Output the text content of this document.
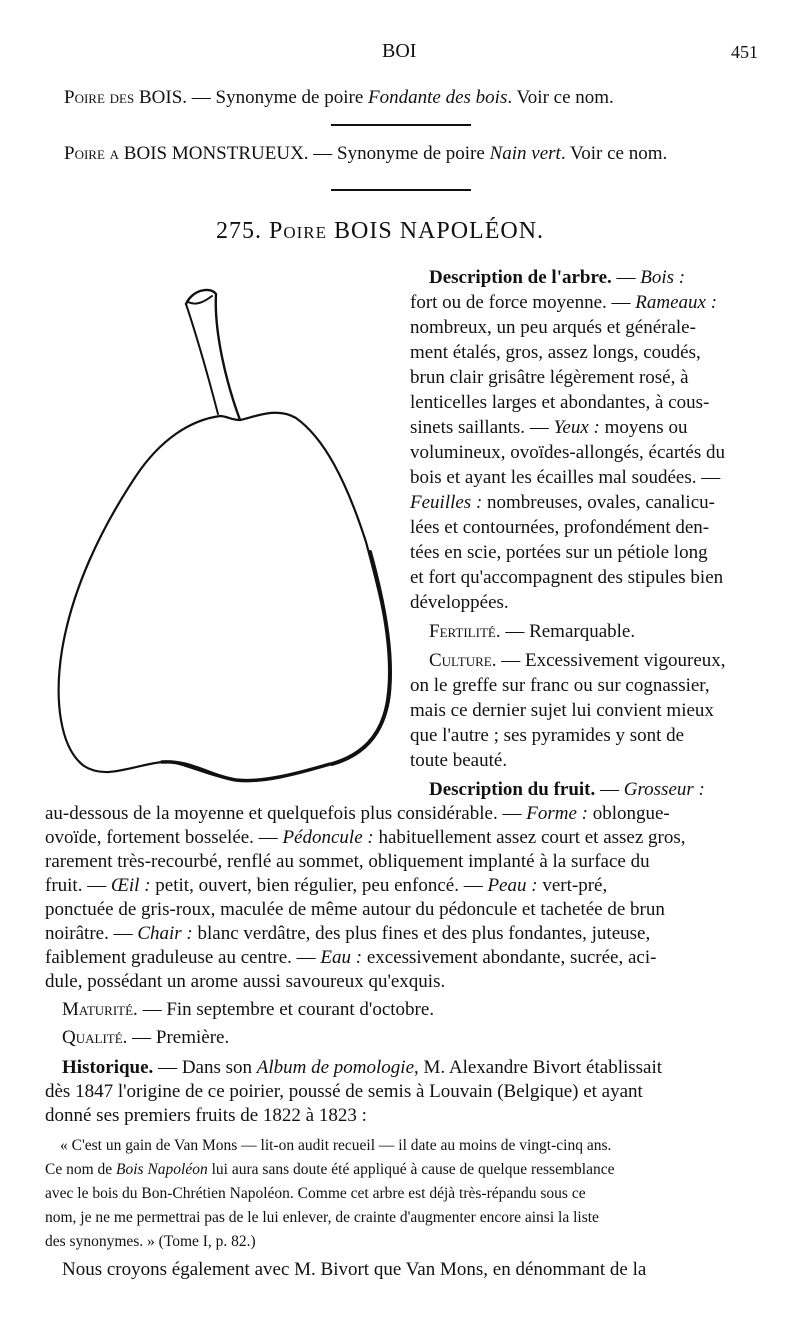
BOI	451
Poire des BOIS. — Synonyme de poire Fondante des bois. Voir ce nom.
Poire a BOIS MONSTRUEUX. — Synonyme de poire Nain vert. Voir ce nom.
275. Poire BOIS NAPOLÉON.
Description de l'arbre. — Bois :
fort ou de force moyenne. — Rameaux :
nombreux, un peu arqués et générale-
ment étalés, gros, assez longs, coudés,
brun clair grisâtre légèrement rosé, à
lenticelles larges et abondantes, à cous-
sinets saillants. — Yeux : moyens ou
volumineux, ovoïdes-allongés, écartés du
bois et ayant les écailles mal soudées. —
Feuilles : nombreuses, ovales, canalicu-
lées et contournées, profondément den-
tées en scie, portées sur un pétiole long
et fort qu'accompagnent des stipules bien
développées.
Fertilité. — Remarquable.
Culture. — Excessivement vigoureux,
on le greffe sur franc ou sur cognassier,
mais ce dernier sujet lui convient mieux
que l'autre ; ses pyramides y sont de
toute beauté.
Description du fruit. — Grosseur :
au-dessous de la moyenne et quelquefois plus considérable. — Forme : oblongue-
ovoïde, fortement bosselée. — Pédoncule : habituellement assez court et assez gros,
rarement très-recourbé, renflé au sommet, obliquement implanté à la surface du
fruit. — Œil : petit, ouvert, bien régulier, peu enfoncé. — Peau : vert-pré,
ponctuée de gris-roux, maculée de même autour du pédoncule et tachetée de brun
noirâtre. — Chair : blanc verdâtre, des plus fines et des plus fondantes, juteuse,
faiblement graduleuse au centre. — Eau : excessivement abondante, sucrée, aci-
dule, possédant un arome aussi savoureux qu'exquis.
Maturité. — Fin septembre et courant d'octobre.
Qualité. — Première.
Historique. — Dans son Album de pomologie, M. Alexandre Bivort établissait
dès 1847 l'origine de ce poirier, poussé de semis à Louvain (Belgique) et ayant
donné ses premiers fruits de 1822 à 1823 :
« C'est un gain de Van Mons — lit-on audit recueil — il date au moins de vingt-cinq ans.
Ce nom de Bois Napoléon lui aura sans doute été appliqué à cause de quelque ressemblance
avec le bois du Bon-Chrétien Napoléon. Comme cet arbre est déjà très-répandu sous ce
nom, je ne me permettrai pas de le lui enlever, de crainte d'augmenter encore ainsi la liste
des synonymes. » (Tome I, p. 82.)
Nous croyons également avec M. Bivort que Van Mons, en dénommant de la
